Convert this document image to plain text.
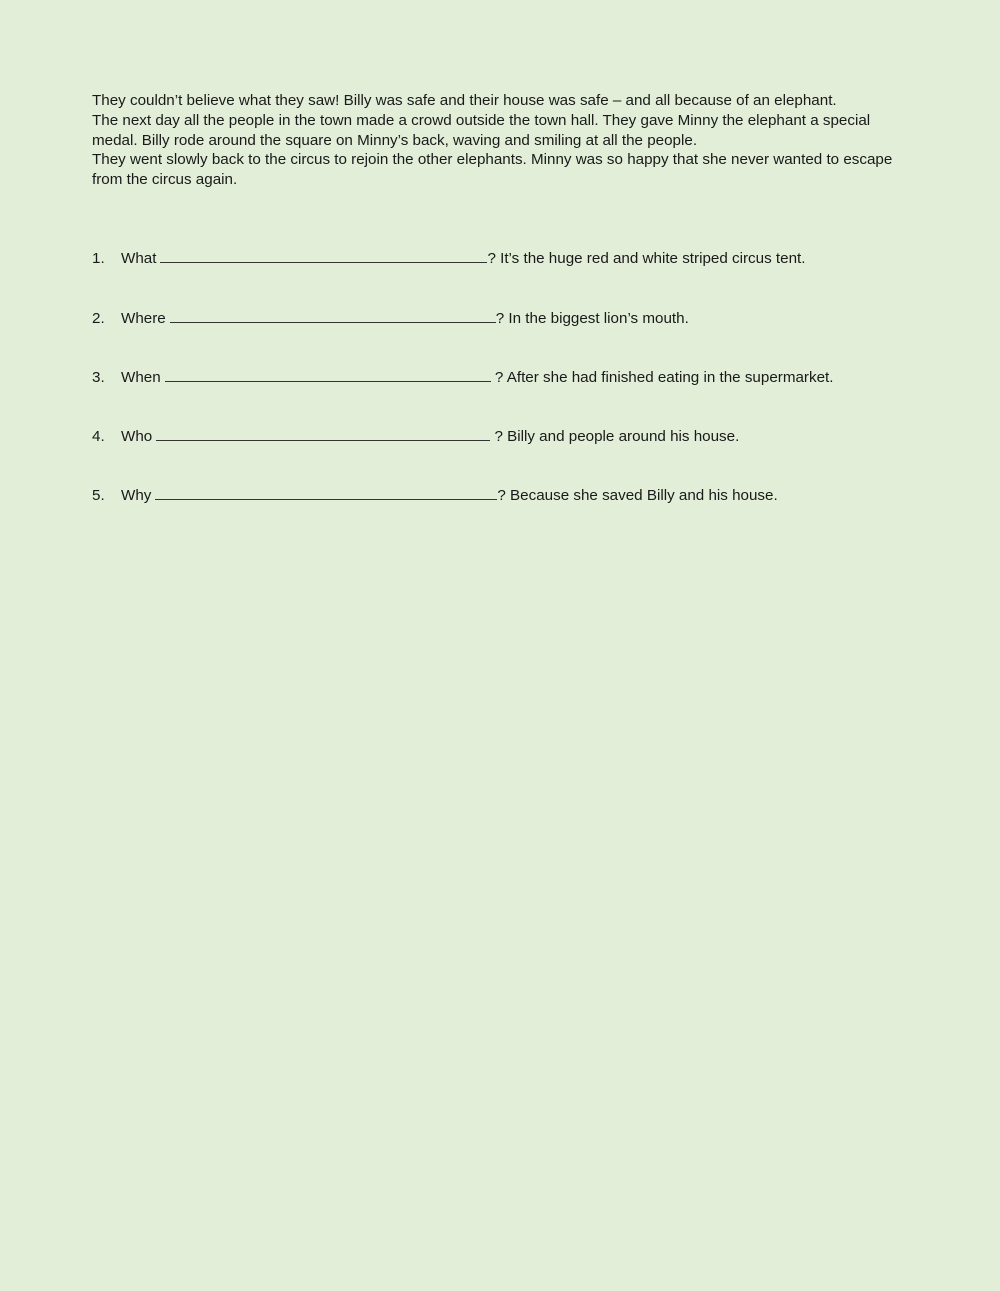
They couldn’t believe what they saw! Billy was safe and their house was safe – and all because of an elephant.

The next day all the people in the town made a crowd outside the town hall. They gave Minny the elephant a special medal. Billy rode around the square on Minny’s back, waving and smiling at all the people.

They went slowly back to the circus to rejoin the other elephants. Minny was so happy that she never wanted to escape from the circus again.

1. What	? It’s the huge red and white striped circus tent.
2. Where	? In the biggest lion’s mouth.
3. When	? After she had finished eating in the supermarket.
4. Who	? Billy and people around his house.
5. Why	? Because she saved Billy and his house.
